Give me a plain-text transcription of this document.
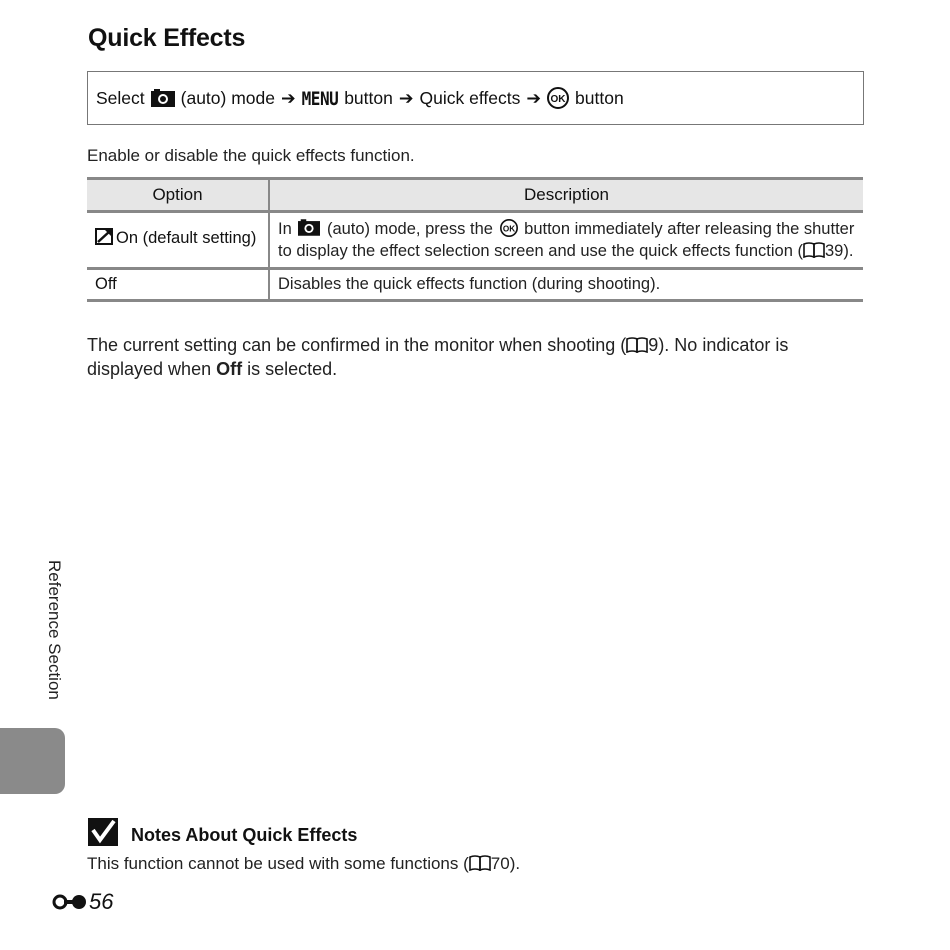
Quick Effects
Select (auto) mode ➔ MENU button ➔ Quick effects ➔ OK button

Enable or disable the quick effects function.

Option	Description
On (default setting)	In (auto) mode, press the OK button immediately after releasing the shutter to display the effect selection screen and use the quick effects function ( 39).
Off	Disables the quick effects function (during shooting).

The current setting can be confirmed in the monitor when shooting ( 9). No indicator is displayed when Off is selected.

Reference Section
Notes About Quick Effects

This function cannot be used with some functions ( 70).

56
